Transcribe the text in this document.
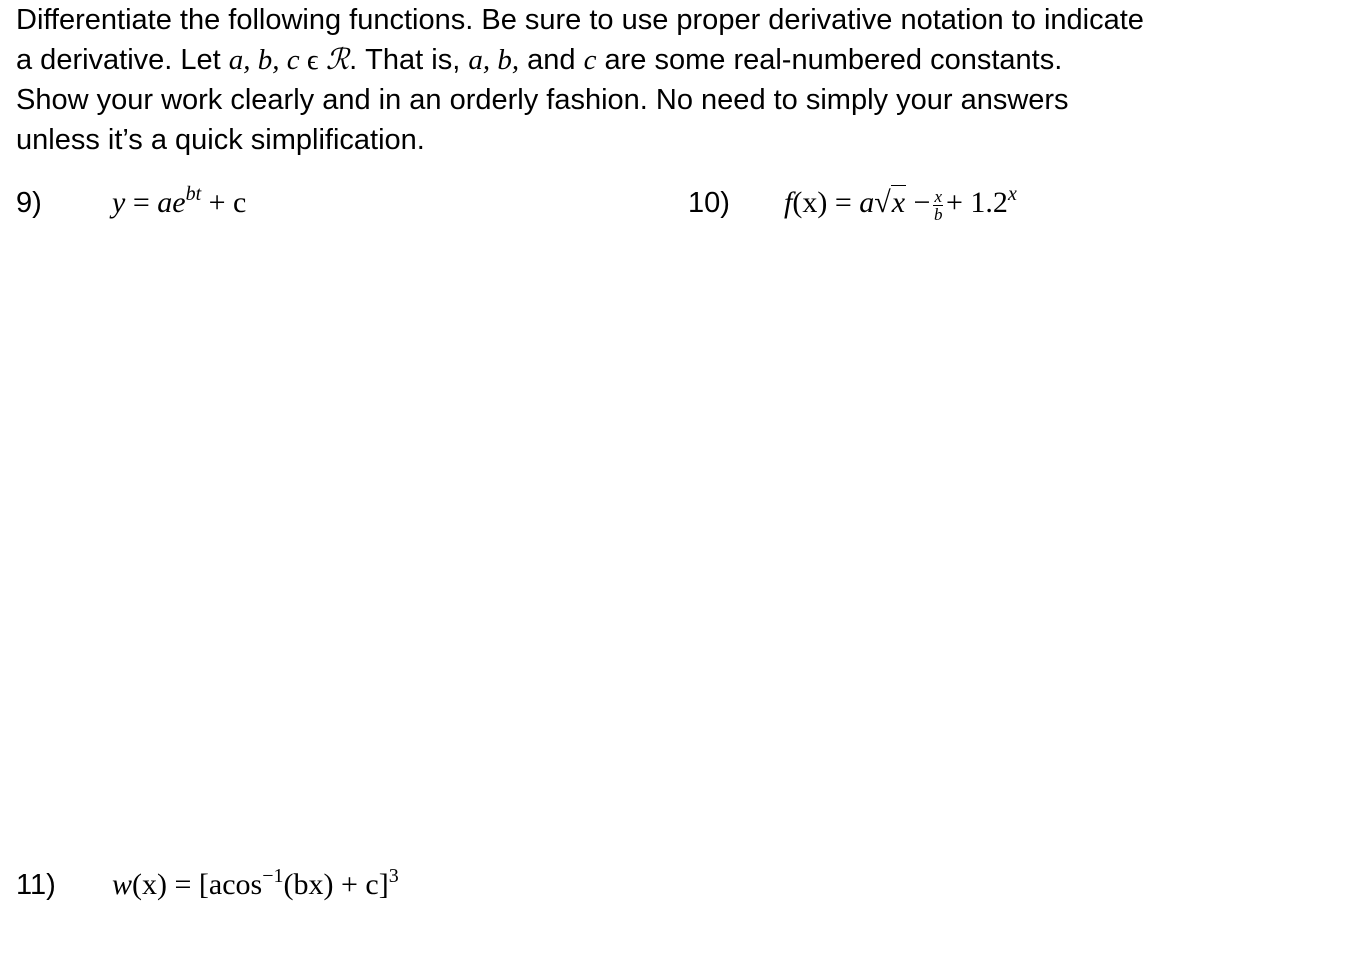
Differentiate the following functions. Be sure to use proper derivative notation to indicate
a derivative. Let a, b, c ϵ ℛ. That is, a, b, and c are some real-numbered constants.
Show your work clearly and in an orderly fashion. No need to simply your answers
unless it’s a quick simplification.
9) $y = ae^{bt} + c$	10) $f(x) = a√x - \frac{x}{b} + 1.2^x$
11) $w(x) = [acos^{-1}(bx) + c]^3$
